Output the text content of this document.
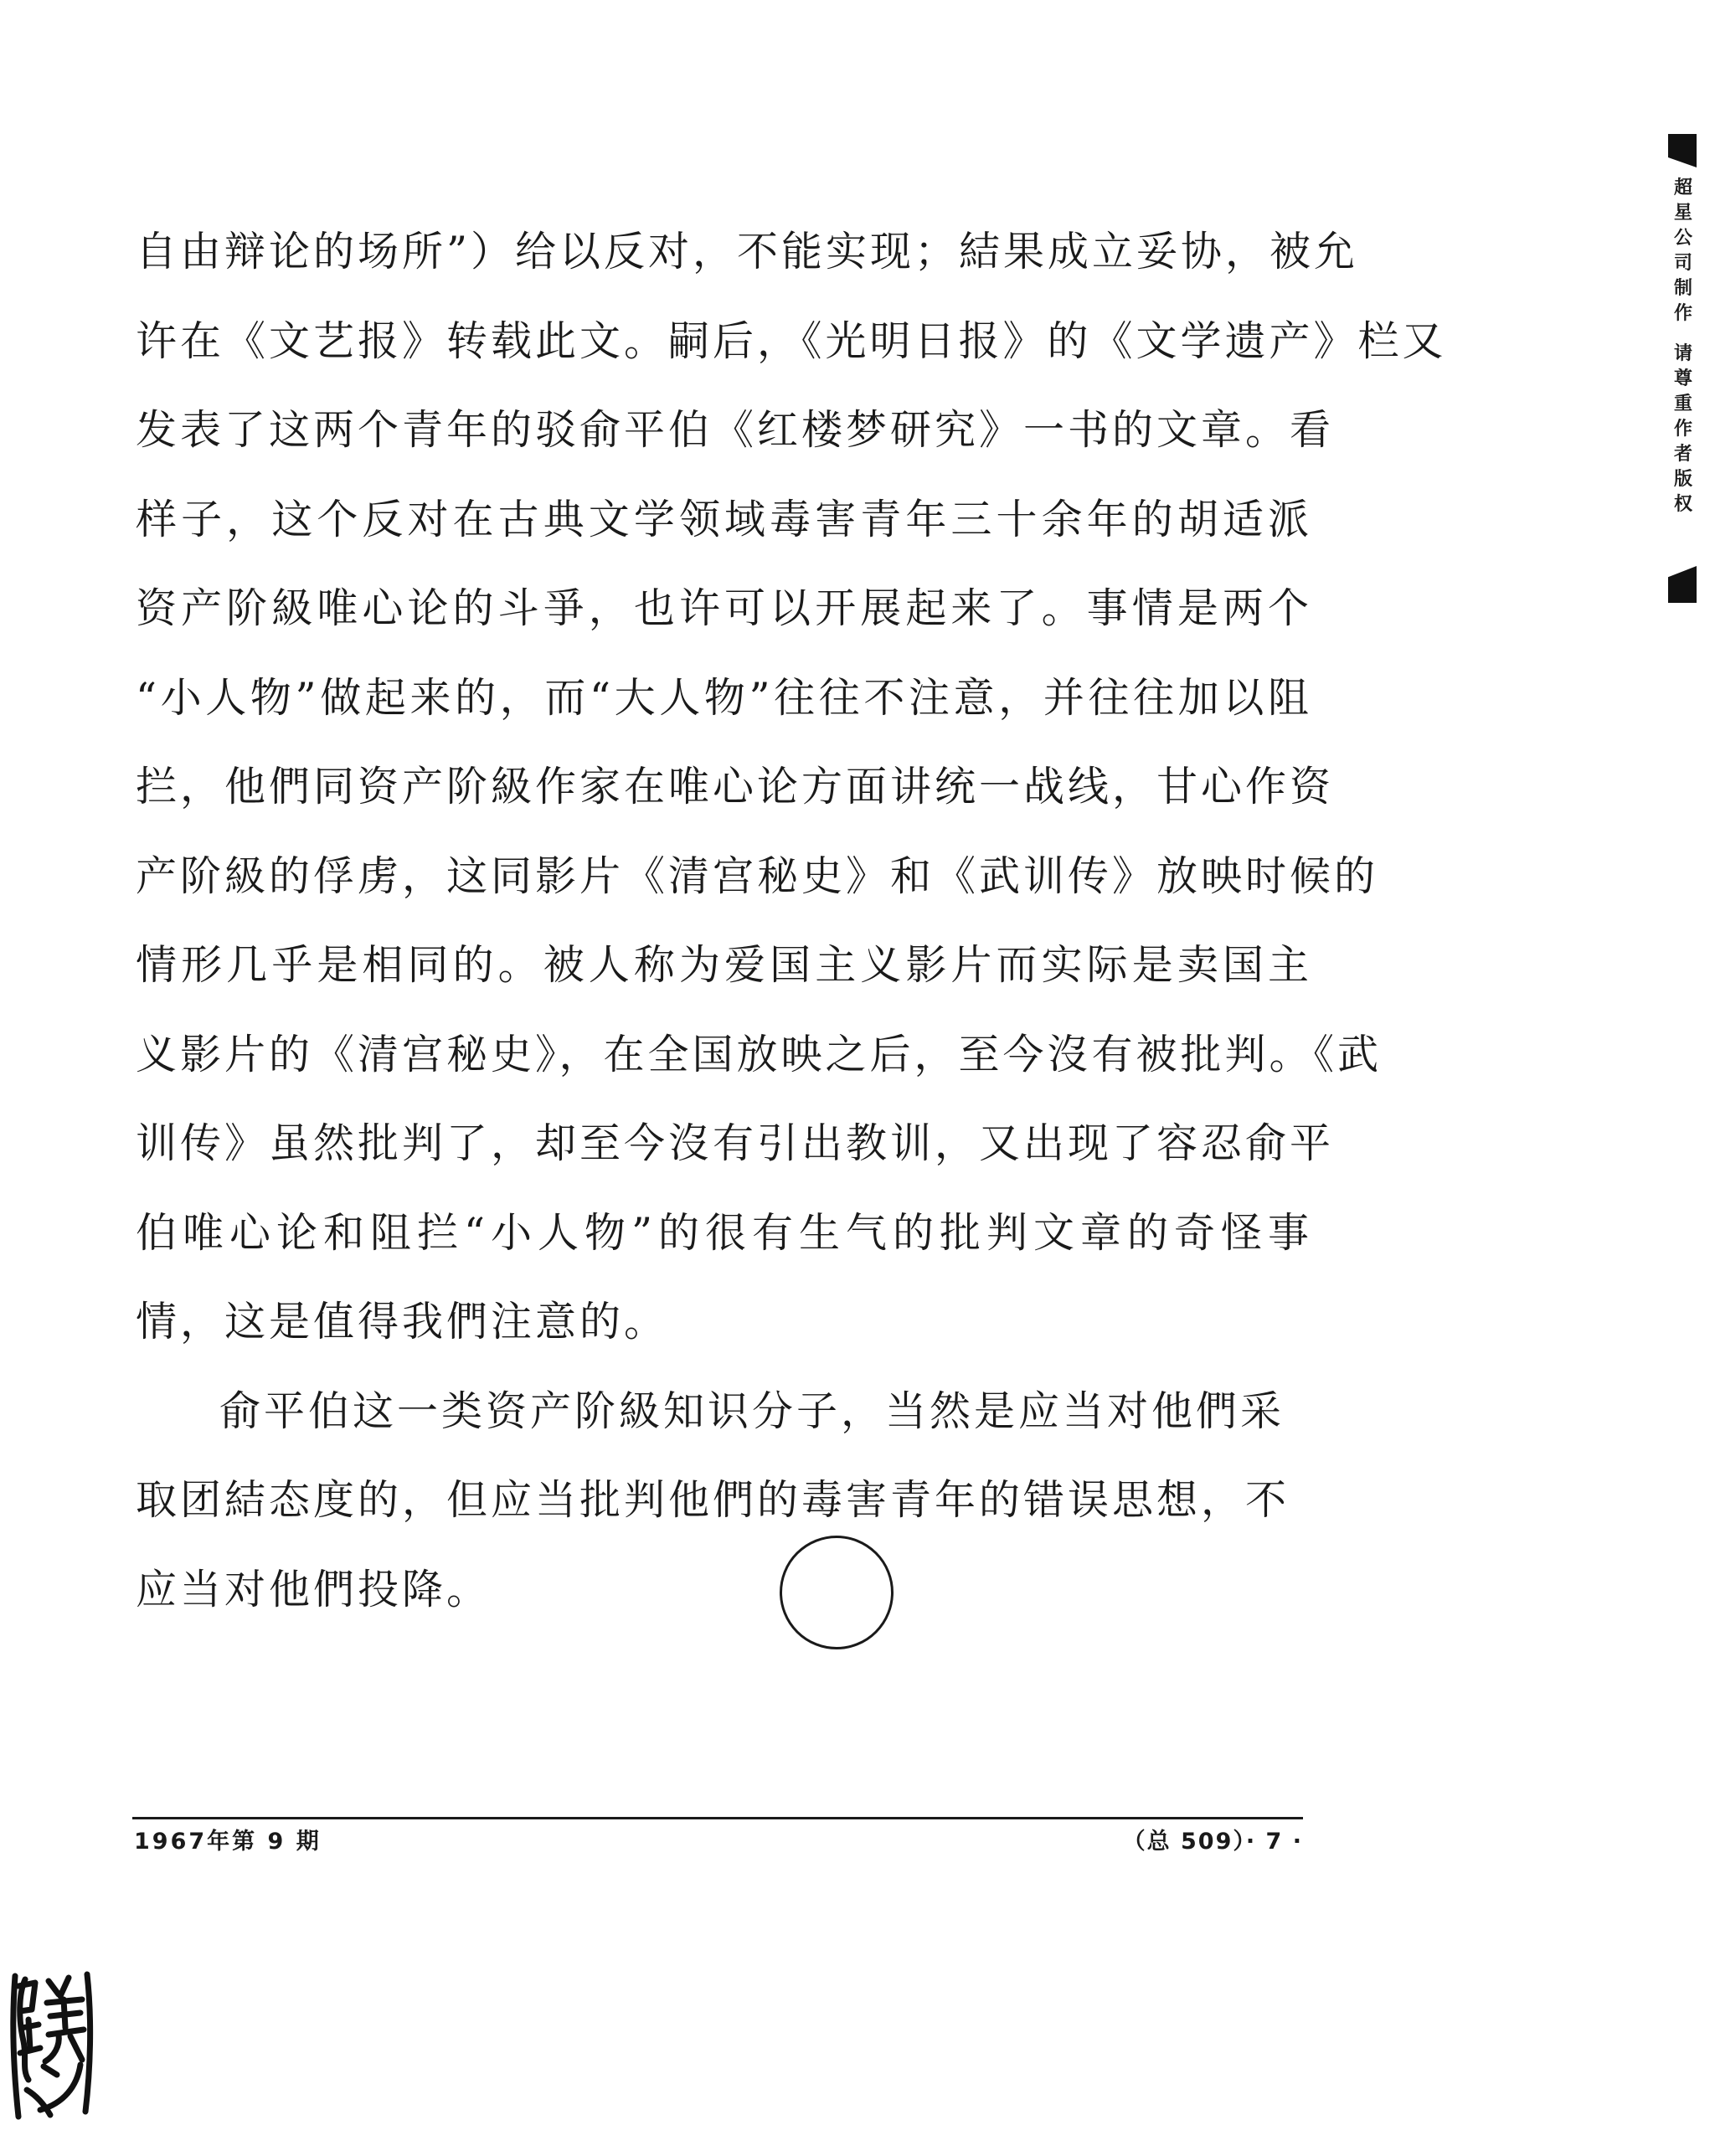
自由辩论的场所”）给以反对，不能实现；結果成立妥协，被允
许在《文艺报》转载此文。嗣后，《光明日报》的《文学遗产》栏又
发表了这两个青年的驳俞平伯《红楼梦研究》一书的文章。看
样子，这个反对在古典文学领域毒害青年三十余年的胡适派
资产阶級唯心论的斗爭，也许可以开展起来了。事情是两个
“小人物”做起来的，而“大人物”往往不注意，并往往加以阻
拦，他們同资产阶級作家在唯心论方面讲统一战线，甘心作资
产阶級的俘虏，这同影片《清宫秘史》和《武训传》放映时候的
情形几乎是相同的。被人称为爱国主义影片而实际是卖国主
义影片的《清宫秘史》，在全国放映之后，至今沒有被批判。《武
训传》虽然批判了，却至今沒有引出教训，又出现了容忍俞平
伯唯心论和阻拦“小人物”的很有生气的批判文章的奇怪事
情，这是值得我們注意的。

俞平伯这一类资产阶級知识分子，当然是应当对他們采
取团結态度的，但应当批判他們的毒害青年的错误思想，不
应当对他們投降。

1967年第 9 期	（总 509）· 7 ·
超
星
公
司
制
作
请
尊
重
作
者
版
权
